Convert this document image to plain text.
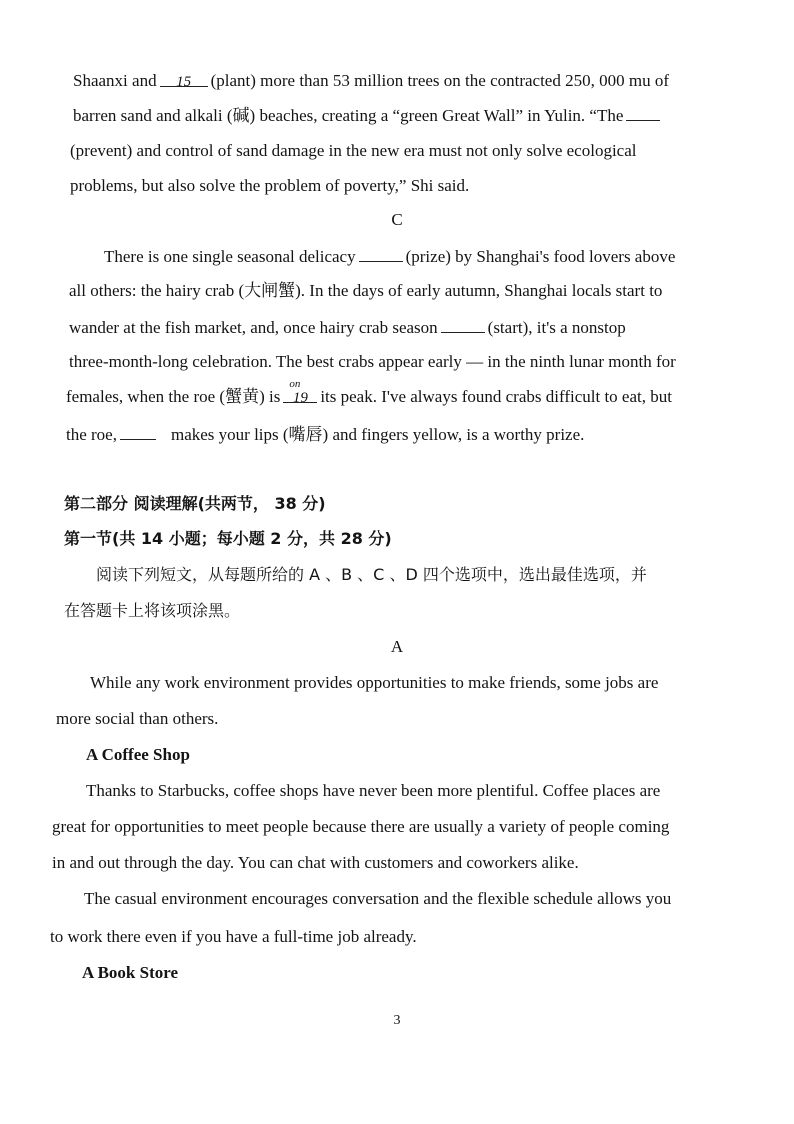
Shaanxi and 15 (plant) more than 53 million trees on the contracted 250, 000 mu of
barren sand and alkali (碱) beaches, creating a “green Great Wall” in Yulin. “The
(prevent) and control of sand damage in the new era must not only solve ecological
problems, but also solve the problem of poverty,” Shi said.
C
There is one single seasonal delicacy	(prize) by Shanghai's food lovers above
all others: the hairy crab (大闸蟹). In the days of early autumn, Shanghai locals start to
wander at the fish market, and, once hairy crab season	(start), it's a nonstop
three-month-long celebration. The best crabs appear early — in the ninth lunar month for
females, when the roe (蟹黄) is
on
19 its peak. I've always found crabs difficult to eat, but
the roe,	makes your lips (嘴唇) and fingers yellow, is a worthy prize.
第二部分 阅读理解(共两节， 38 分)
第一节(共 14 小题；每小题 2 分，共 28 分)
阅读下列短文，从每题所给的 A 、B 、C 、D 四个选项中，选出最佳选项，并
在答题卡上将该项涂黑。
A
While any work environment provides opportunities to make friends, some jobs are
more social than others.
A Coffee Shop
Thanks to Starbucks, coffee shops have never been more plentiful. Coffee places are
great for opportunities to meet people because there are usually a variety of people coming
in and out through the day. You can chat with customers and coworkers alike.
The casual environment encourages conversation and the flexible schedule allows you
to work there even if you have a full-time job already.
A Book Store
3
